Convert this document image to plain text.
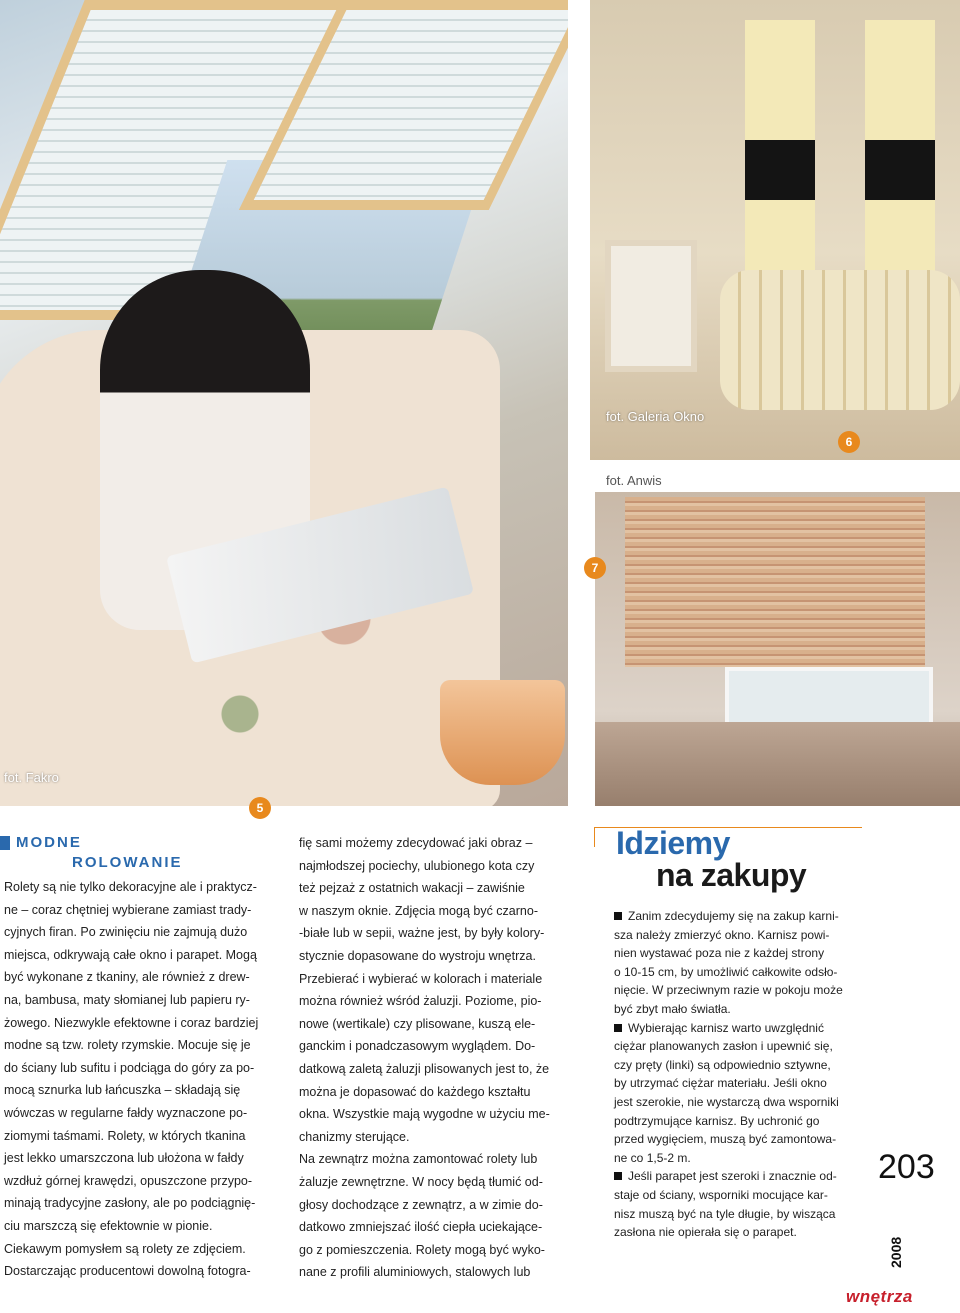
fot. Fakro
5
fot. Galeria Okno
6
fot. Anwis
7
MODNE
ROLOWANIE
Rolety są nie tylko dekoracyjne ale i praktycz-
ne – coraz chętniej wybierane zamiast trady-
cyjnych firan. Po zwinięciu nie zajmują dużo
miejsca, odkrywają całe okno i parapet. Mogą
być wykonane z tkaniny, ale również z drew-
na, bambusa, maty słomianej lub papieru ry-
żowego. Niezwykle efektowne i coraz bardziej
modne są tzw. rolety rzymskie. Mocuje się je
do ściany lub sufitu i podciąga do góry za po-
mocą sznurka lub łańcuszka – składają się
wówczas w regularne fałdy wyznaczone po-
ziomymi taśmami. Rolety, w których tkanina
jest lekko umarszczona lub ułożona w fałdy
wzdłuż górnej krawędzi, opuszczone przypo-
minają tradycyjne zasłony, ale po podciągnię-
ciu marszczą się efektownie w pionie.
Ciekawym pomysłem są rolety ze zdjęciem.
Dostarczając producentowi dowolną fotogra-
fię sami możemy zdecydować jaki obraz –
najmłodszej pociechy, ulubionego kota czy
też pejzaż z ostatnich wakacji – zawiśnie
w naszym oknie. Zdjęcia mogą być czarno-
-białe lub w sepii, ważne jest, by były kolory-
stycznie dopasowane do wystroju wnętrza.
Przebierać i wybierać w kolorach i materiale
można również wśród żaluzji. Poziome, pio-
nowe (wertikale) czy plisowane, kuszą ele-
ganckim i ponadczasowym wyglądem. Do-
datkową zaletą żaluzji plisowanych jest to, że
można je dopasować do każdego kształtu
okna. Wszystkie mają wygodne w użyciu me-
chanizmy sterujące.
Na zewnątrz można zamontować rolety lub
żaluzje zewnętrzne. W nocy będą tłumić od-
głosy dochodzące z zewnątrz, a w zimie do-
datkowo zmniejszać ilość ciepła uciekające-
go z pomieszczenia. Rolety mogą być wyko-
nane z profili aluminiowych, stalowych lub
Idziemy
na zakupy
Zanim zdecydujemy się na zakup karni-
sza należy zmierzyć okno. Karnisz powi-
nien wystawać poza nie z każdej strony
o 10-15 cm, by umożliwić całkowite odsło-
nięcie. W przeciwnym razie w pokoju może
być zbyt mało światła.
Wybierając karnisz warto uwzględnić
ciężar planowanych zasłon i upewnić się,
czy pręty (linki) są odpowiednio sztywne,
by utrzymać ciężar materiału. Jeśli okno
jest szerokie, nie wystarczą dwa wsporniki
podtrzymujące karnisz. By uchronić go
przed wygięciem, muszą być zamontowa-
ne co 1,5-2 m.
Jeśli parapet jest szeroki i znacznie od-
staje od ściany, wsporniki mocujące kar-
nisz muszą być na tyle długie, by wisząca
zasłona nie opierała się o parapet.
203
2008
wnętrza
